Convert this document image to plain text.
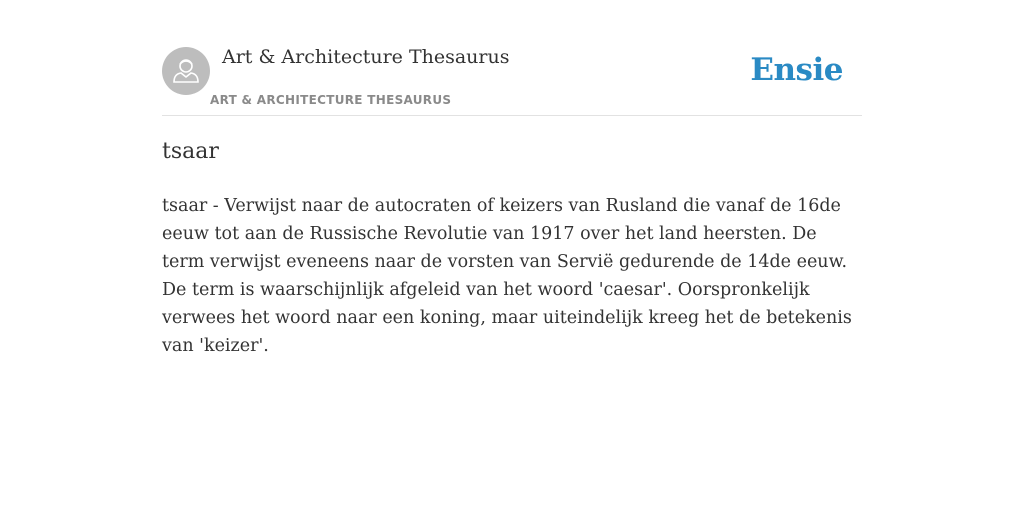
Art & Architecture Thesaurus
ART & ARCHITECTURE THESAURUS
Ensie
tsaar

tsaar - Verwijst naar de autocraten of keizers van Rusland die vanaf de 16de eeuw tot aan de Russische Revolutie van 1917 over het land heersten. De term verwijst eveneens naar de vorsten van Servië gedurende de 14de eeuw. De term is waarschijnlijk afgeleid van het woord 'caesar'. Oorspronkelijk verwees het woord naar een koning, maar uiteindelijk kreeg het de betekenis van 'keizer'.
